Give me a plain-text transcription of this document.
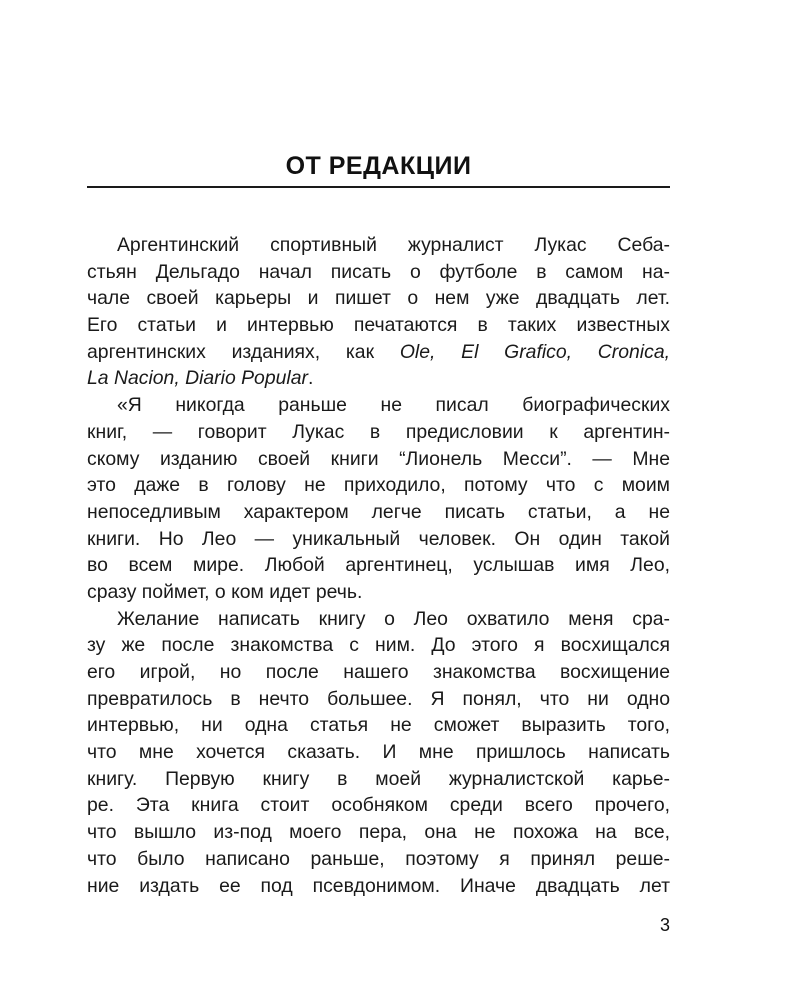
ОТ РЕДАКЦИИ
Аргентинский спортивный журналист Лукас Себа-
стьян Дельгадо начал писать о футболе в самом на-
чале своей карьеры и пишет о нем уже двадцать лет.
Его статьи и интервью печатаются в таких известных
аргентинских изданиях, как Ole, El Grafico, Cronica,
La Nacion, Diario Popular.
«Я никогда раньше не писал биографических
книг, — говорит Лукас в предисловии к аргентин-
скому изданию своей книги “Лионель Месси”. — Мне
это даже в голову не приходило, потому что с моим
непоседливым характером легче писать статьи, а не
книги. Но Лео — уникальный человек. Он один такой
во всем мире. Любой аргентинец, услышав имя Лео,
сразу поймет, о ком идет речь.
Желание написать книгу о Лео охватило меня сра-
зу же после знакомства с ним. До этого я восхищался
его игрой, но после нашего знакомства восхищение
превратилось в нечто большее. Я понял, что ни одно
интервью, ни одна статья не сможет выразить того,
что мне хочется сказать. И мне пришлось написать
книгу. Первую книгу в моей журналистской карье-
ре. Эта книга стоит особняком среди всего прочего,
что вышло из-под моего пера, она не похожа на все,
что было написано раньше, поэтому я принял реше-
ние издать ее под псевдонимом. Иначе двадцать лет
3
